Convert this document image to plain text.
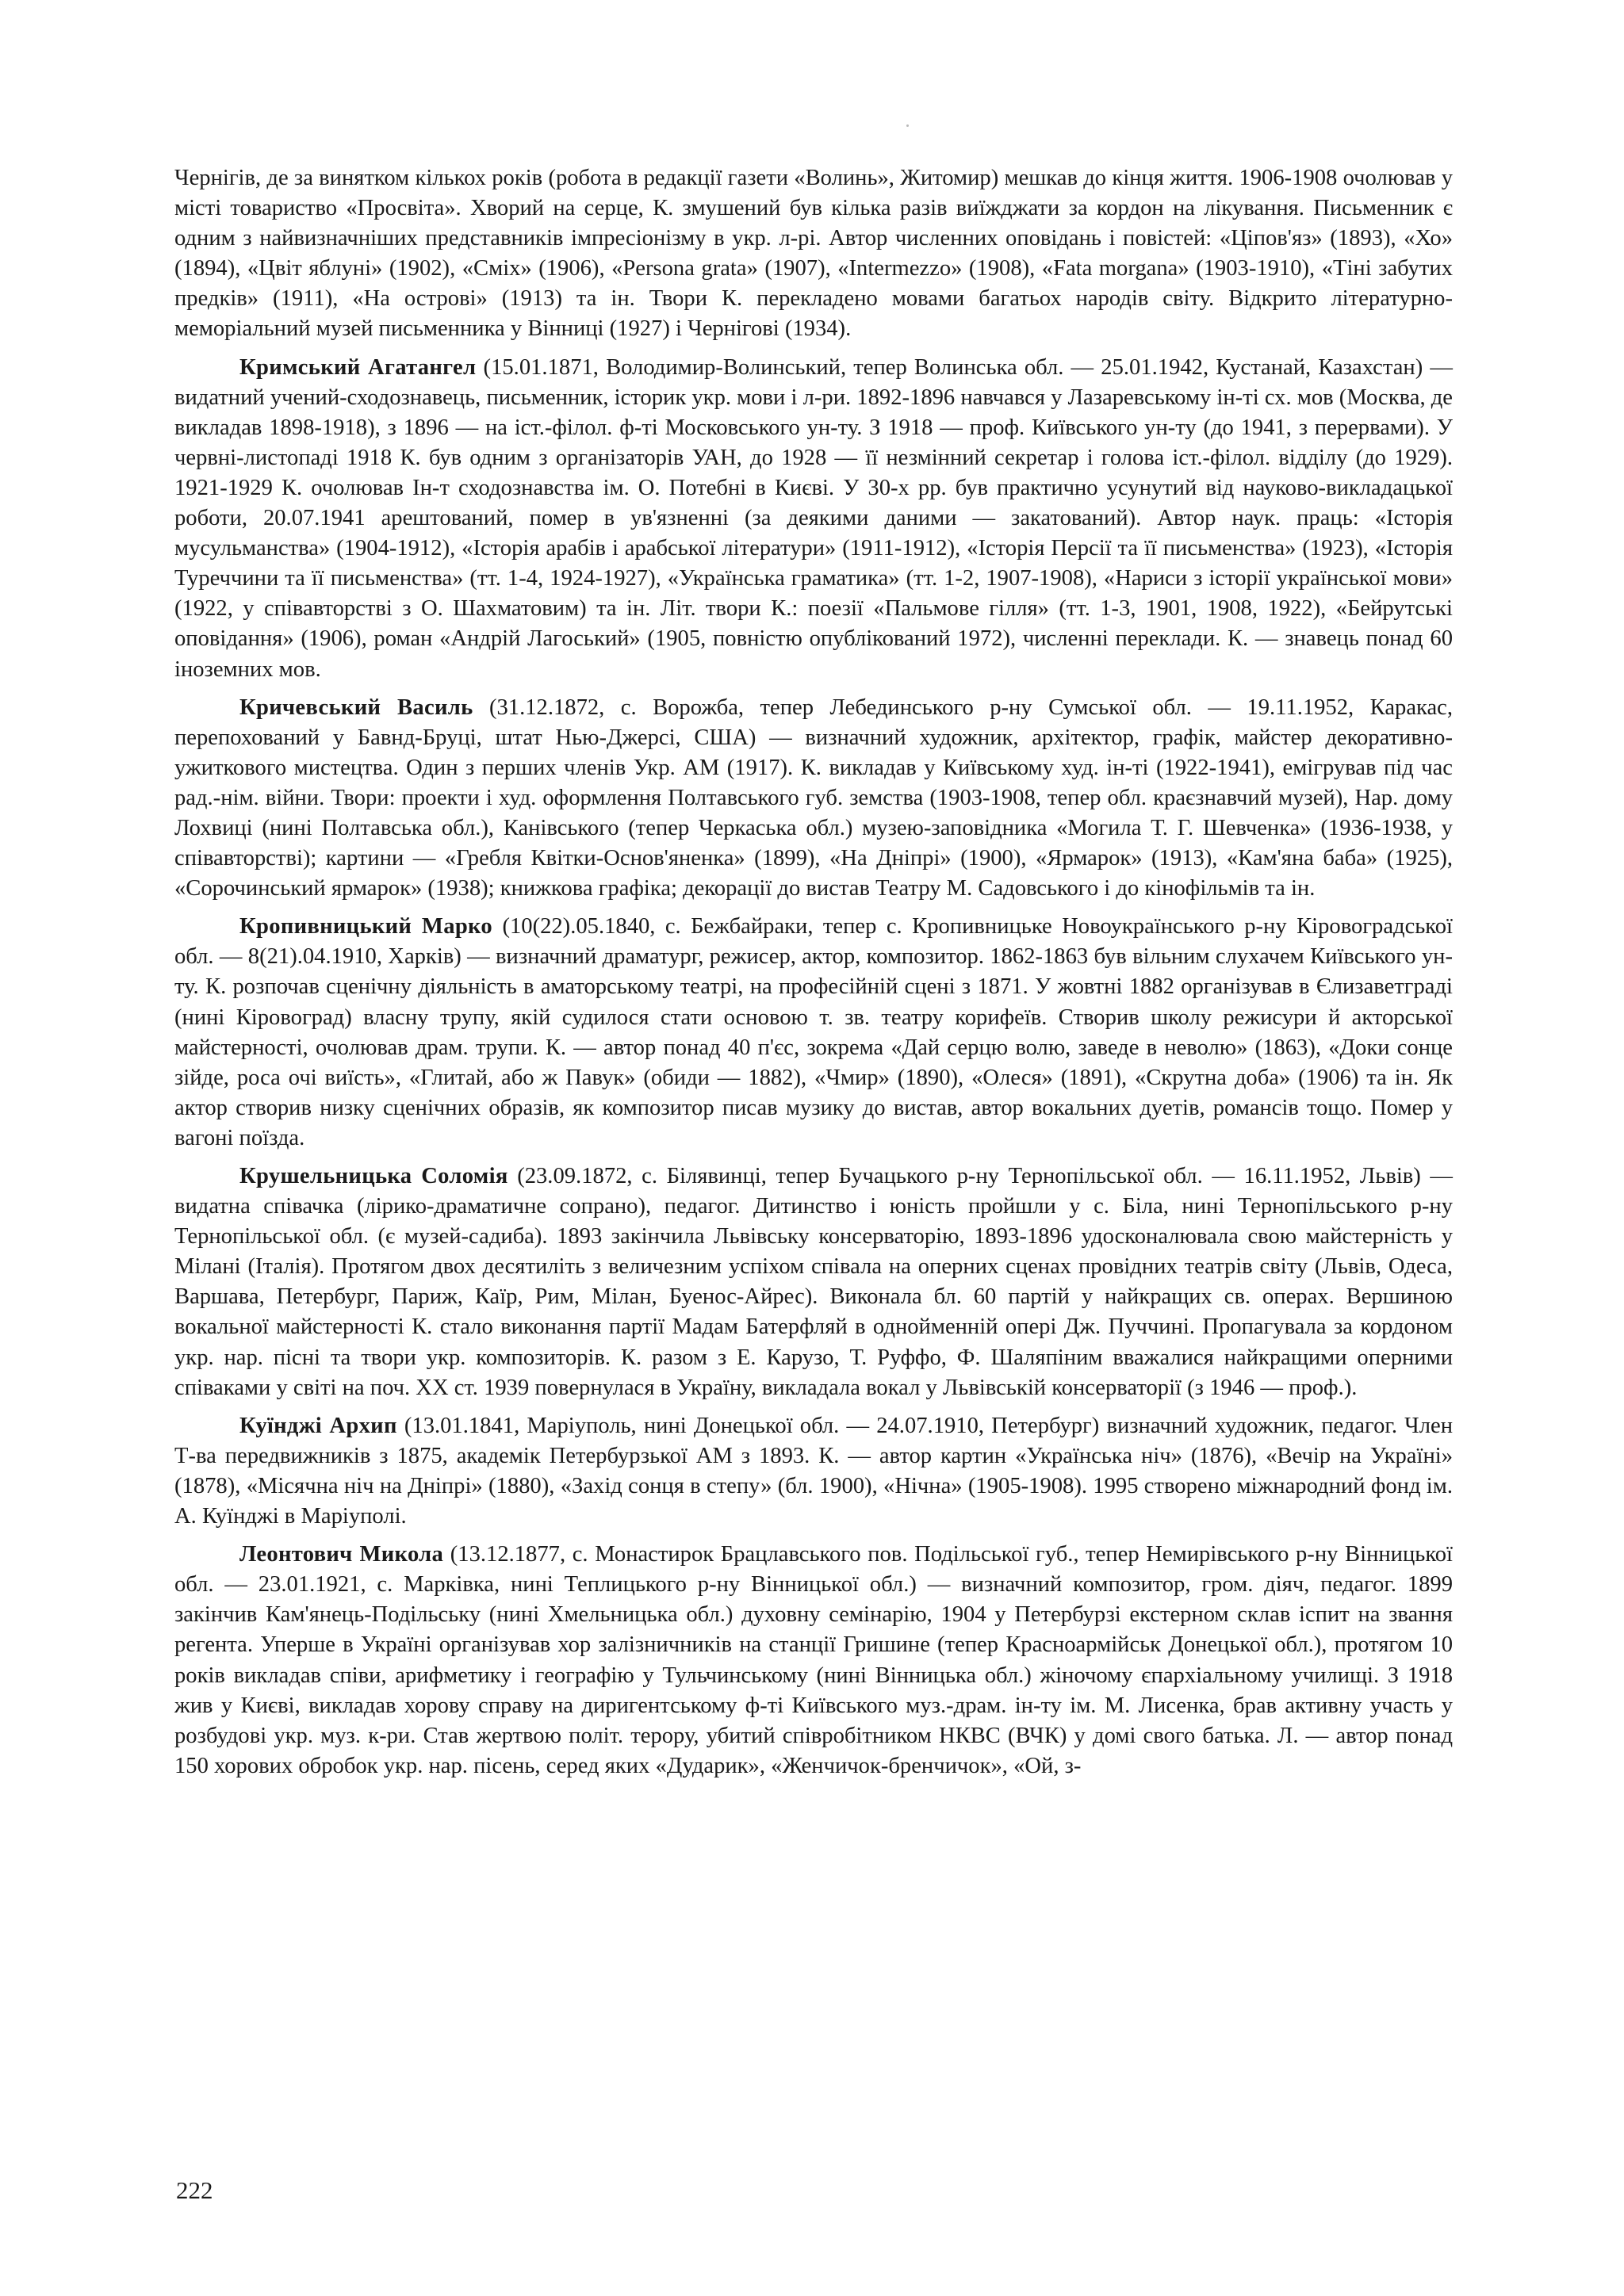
Чернігів, де за винятком кількох років (робота в редакції газети «Волинь», Житомир) мешкав до кінця життя. 1906-1908 очолював у місті товариство «Просвіта». Хворий на серце, К. змушений був кілька разів виїжджати за кордон на лікування. Письменник є одним з найвизначніших представників імпресіонізму в укр. л-рі. Автор численних оповідань і повістей: «Ціпов'яз» (1893), «Хо» (1894), «Цвіт яблуні» (1902), «Сміх» (1906), «Persona grata» (1907), «Intermezzo» (1908), «Fata morgana» (1903-1910), «Тіні забутих предків» (1911), «На острові» (1913) та ін. Твори К. перекладено мовами багатьох народів світу. Відкрито літературно-меморіальний музей письменника у Вінниці (1927) і Чернігові (1934).

Кримський Агатангел (15.01.1871, Володимир-Волинський, тепер Волинська обл. — 25.01.1942, Кустанай, Казахстан) — видатний учений-сходознавець, письменник, історик укр. мови і л-ри. 1892-1896 навчався у Лазаревському ін-ті сх. мов (Москва, де викладав 1898-1918), з 1896 — на іст.-філол. ф-ті Московського ун-ту. З 1918 — проф. Київського ун-ту (до 1941, з перервами). У червні-листопаді 1918 К. був одним з організаторів УАН, до 1928 — її незмінний секретар і голова іст.-філол. відділу (до 1929). 1921-1929 К. очолював Ін-т сходознавства ім. О. Потебні в Києві. У 30-х рр. був практично усунутий від науково-викладацької роботи, 20.07.1941 арештований, помер в ув'язненні (за деякими даними — закатований). Автор наук. праць: «Історія мусульманства» (1904-1912), «Історія арабів і арабської літератури» (1911-1912), «Історія Персії та її письменства» (1923), «Історія Туреччини та її письменства» (тт. 1-4, 1924-1927), «Українська граматика» (тт. 1-2, 1907-1908), «Нариси з історії української мови» (1922, у співавторстві з О. Шахматовим) та ін. Літ. твори К.: поезії «Пальмове гілля» (тт. 1-3, 1901, 1908, 1922), «Бейрутські оповідання» (1906), роман «Андрій Лагоський» (1905, повністю опублікований 1972), численні переклади. К. — знавець понад 60 іноземних мов.

Кричевський Василь (31.12.1872, с. Ворожба, тепер Лебединського р-ну Сумської обл. — 19.11.1952, Каракас, перепохований у Бавнд-Бруці, штат Нью-Джерсі, США) — визначний художник, архітектор, графік, майстер декоративно-ужиткового мистецтва. Один з перших членів Укр. АМ (1917). К. викладав у Київському худ. ін-ті (1922-1941), емігрував під час рад.-нім. війни. Твори: проекти і худ. оформлення Полтавського губ. земства (1903-1908, тепер обл. краєзнавчий музей), Нар. дому Лохвиці (нині Полтавська обл.), Канівського (тепер Черкаська обл.) музею-заповідника «Могила Т. Г. Шевченка» (1936-1938, у співавторстві); картини — «Гребля Квітки-Основ'яненка» (1899), «На Дніпрі» (1900), «Ярмарок» (1913), «Кам'яна баба» (1925), «Сорочинський ярмарок» (1938); книжкова графіка; декорації до вистав Театру М. Садовського і до кінофільмів та ін.

Кропивницький Марко (10(22).05.1840, с. Бежбайраки, тепер с. Кропивницьке Новоукраїнського р-ну Кіровоградської обл. — 8(21).04.1910, Харків) — визначний драматург, режисер, актор, композитор. 1862-1863 був вільним слухачем Київського ун-ту. К. розпочав сценічну діяльність в аматорському театрі, на професійній сцені з 1871. У жовтні 1882 організував в Єлизаветграді (нині Кіровоград) власну трупу, якій судилося стати основою т. зв. театру корифеїв. Створив школу режисури й акторської майстерності, очолював драм. трупи. К. — автор понад 40 п'єс, зокрема «Дай серцю волю, заведе в неволю» (1863), «Доки сонце зійде, роса очі виїсть», «Глитай, або ж Павук» (обиди — 1882), «Чмир» (1890), «Олеся» (1891), «Скрутна доба» (1906) та ін. Як актор створив низку сценічних образів, як композитор писав музику до вистав, автор вокальних дуетів, романсів тощо. Помер у вагоні поїзда.

Крушельницька Соломія (23.09.1872, с. Білявинці, тепер Бучацького р-ну Тернопільської обл. — 16.11.1952, Львів) — видатна співачка (лірико-драматичне сопрано), педагог. Дитинство і юність пройшли у с. Біла, нині Тернопільського р-ну Тернопільської обл. (є музей-садиба). 1893 закінчила Львівську консерваторію, 1893-1896 удосконалювала свою майстерність у Мілані (Італія). Протягом двох десятиліть з величезним успіхом співала на оперних сценах провідних театрів світу (Львів, Одеса, Варшава, Петербург, Париж, Каїр, Рим, Мілан, Буенос-Айрес). Виконала бл. 60 партій у найкращих св. операх. Вершиною вокальної майстерності К. стало виконання партії Мадам Батерфляй в однойменній опері Дж. Пуччині. Пропагувала за кордоном укр. нар. пісні та твори укр. композиторів. К. разом з Е. Карузо, Т. Руффо, Ф. Шаляпіним вважалися найкращими оперними співаками у світі на поч. XX ст. 1939 повернулася в Україну, викладала вокал у Львівській консерваторії (з 1946 — проф.).

Куїнджі Архип (13.01.1841, Маріуполь, нині Донецької обл. — 24.07.1910, Петербург) визначний художник, педагог. Член Т-ва передвижників з 1875, академік Петербурзької АМ з 1893. К. — автор картин «Українська ніч» (1876), «Вечір на Україні» (1878), «Місячна ніч на Дніпрі» (1880), «Захід сонця в степу» (бл. 1900), «Нічна» (1905-1908). 1995 створено міжнародний фонд ім. А. Куїнджі в Маріуполі.

Леонтович Микола (13.12.1877, с. Монастирок Брацлавського пов. Подільської губ., тепер Немирівського р-ну Вінницької обл. — 23.01.1921, с. Марківка, нині Теплицького р-ну Вінницької обл.) — визначний композитор, гром. діяч, педагог. 1899 закінчив Кам'янець-Подільську (нині Хмельницька обл.) духовну семінарію, 1904 у Петербурзі екстерном склав іспит на звання регента. Уперше в Україні організував хор залізничників на станції Гришине (тепер Красноармійськ Донецької обл.), протягом 10 років викладав співи, арифметику і географію у Тульчинському (нині Вінницька обл.) жіночому єпархіальному училищі. З 1918 жив у Києві, викладав хорову справу на диригентському ф-ті Київського муз.-драм. ін-ту ім. М. Лисенка, брав активну участь у розбудові укр. муз. к-ри. Став жертвою політ. терору, убитий співробітником НКВС (ВЧК) у домі свого батька. Л. — автор понад 150 хорових обробок укр. нар. пісень, серед яких «Дударик», «Женчичок-бренчичок», «Ой, з-

222
